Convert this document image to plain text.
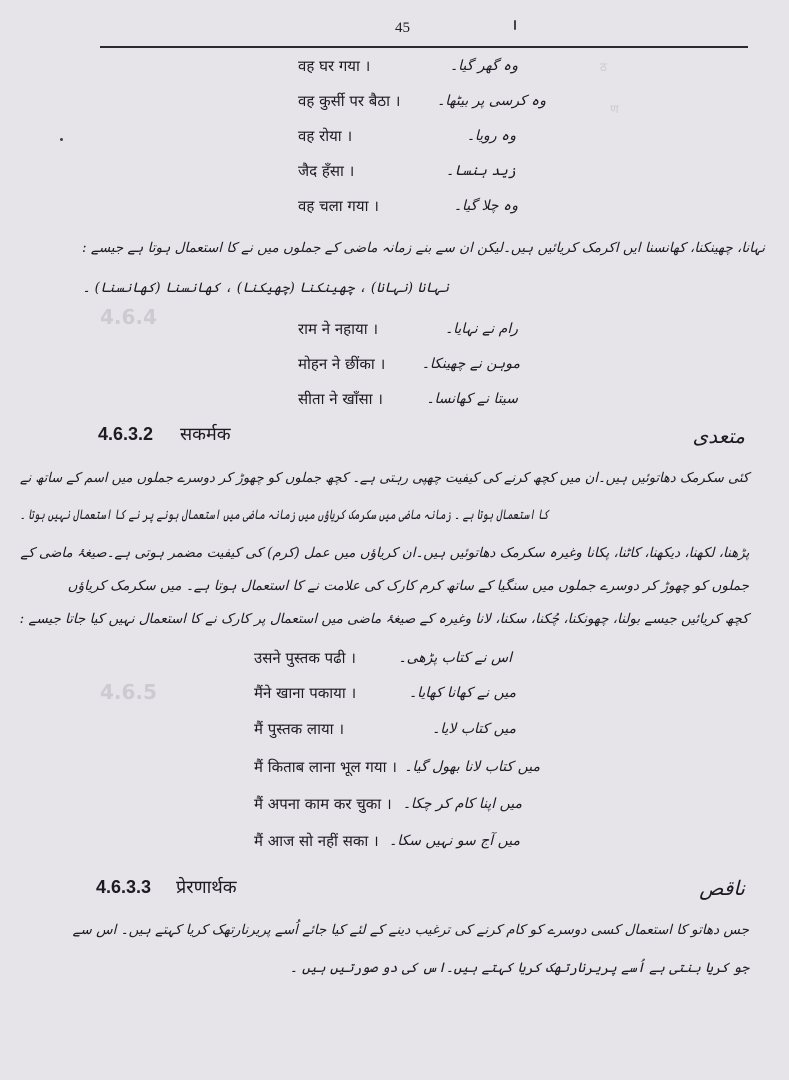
ठ
ण
4.6.4
4.6.5
45
वह घर गया ।	وہ گھر گیا۔
वह कुर्सी पर बैठा ।	وہ کرسی پر بیٹھا۔
वह रोया ।	وہ رویا۔
जैद हँसा ।	زید ہنسا۔
वह चला गया ।	وہ چلا گیا۔
نہانا، چھینکنا، کھانسنا ایں اکرمک کریائیں ہیں۔لیکن ان سے بنے زمانہ ماضی کے جملوں میں نے کا استعمال ہوتا ہے جیسے :
نہانا (نہانا) ، چھینکنا (چھیکنا) ، کھانسنا (کھانسنا) ۔
राम ने नहाया ।	رام نے نہایا۔
मोहन ने छींका ।	موہن نے چھینکا۔
सीता ने खाँसा ।	سیتا نے کھانسا۔
4.6.3.2 सकर्मक	متعدی
کئی سکرمک دھاتوئیں ہیں۔ان میں کچھ کرنے کی کیفیت چھپی رہتی ہے۔ کچھ جملوں کو چھوڑ کر دوسرے جملوں میں اسم کے ساتھ نے
کا استعمال ہوتا ہے ۔ زمانہ ماضی میں سکرمک کریاؤں میں زمانہ ماضی میں استعمال ہونے پر نے کا استعمال نہیں ہوتا ۔
پڑھنا، لکھنا، دیکھنا، کاٹنا، پکانا وغیرہ سکرمک دھاتوئیں ہیں۔ان کریاؤں میں عمل (کرم) کی کیفیت مضمر ہوتی ہے۔صیغۂ ماضی کے
جملوں کو چھوڑ کر دوسرے جملوں میں سنگیا کے ساتھ کرم کارک کی علامت نے کا استعمال ہوتا ہے۔ میں سکرمک کریاؤں
کچھ کریائیں جیسے بولنا، چھونکنا، چُکنا، سکنا، لانا وغیرہ کے صیغۂ ماضی میں استعمال پر کارک نے کا استعمال نہیں کیا جاتا جیسے :
उसने पुस्तक पढी ।	اس نے کتاب پڑھی۔
मैंने खाना पकाया ।	میں نے کھانا کھایا۔
मैं पुस्तक लाया ।	میں کتاب لایا۔
मैं किताब लाना भूल गया । میں کتاب لانا بھول گیا۔
मैं अपना काम कर चुका । میں اپنا کام کر چکا۔
मैं आज सो नहीं सका । میں آج سو نہیں سکا۔
4.6.3.3 प्रेरणार्थक	ناقص
جس دھاتو کا استعمال کسی دوسرے کو کام کرنے کی ترغیب دینے کے لئے کیا جائے اُسے پریرنارتھک کریا کہتے ہیں۔ اس سے
جو کریا بنتی ہے اُسے پریرنارتھک کریا کہتے ہیں۔اس کی دو صورتیں ہیں ۔
